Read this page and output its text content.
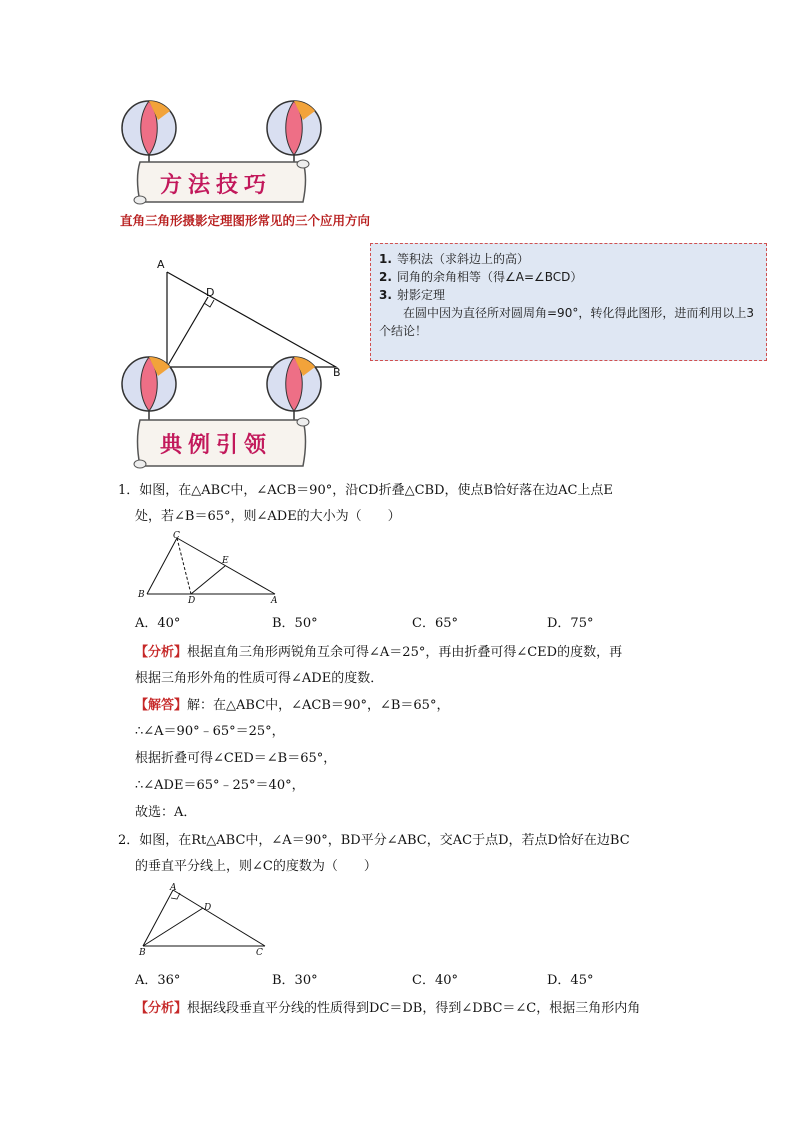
方法技巧
直角三角形摄影定理图形常见的三个应用方向
A
D
B
1. 等积法（求斜边上的高）
2. 同角的余角相等（得∠A=∠BCD）
3. 射影定理
在圆中因为直径所对圆周角=90°，转化得此图形，进而利用以上3个结论！
典例引领
1．如图，在△ABC中，∠ACB＝90°，沿CD折叠△CBD，使点B恰好落在边AC上点E
处，若∠B＝65°，则∠ADE的大小为（　　）
C
E
B
D	A
A．40°	B．50°	C．65°	D．75°
【分析】根据直角三角形两锐角互余可得∠A＝25°，再由折叠可得∠CED的度数，再
根据三角形外角的性质可得∠ADE的度数．
【解答】解：在△ABC中，∠ACB＝90°，∠B＝65°，
∴∠A＝90°﹣65°＝25°，
根据折叠可得∠CED＝∠B＝65°，
∴∠ADE＝65°﹣25°＝40°，
故选：A．
2．如图，在Rt△ABC中，∠A＝90°，BD平分∠ABC，交AC于点D，若点D恰好在边BC
的垂直平分线上，则∠C的度数为（　　）
A
D
B	C
A．36°	B．30°	C．40°	D．45°
【分析】根据线段垂直平分线的性质得到DC＝DB，得到∠DBC＝∠C，根据三角形内角
